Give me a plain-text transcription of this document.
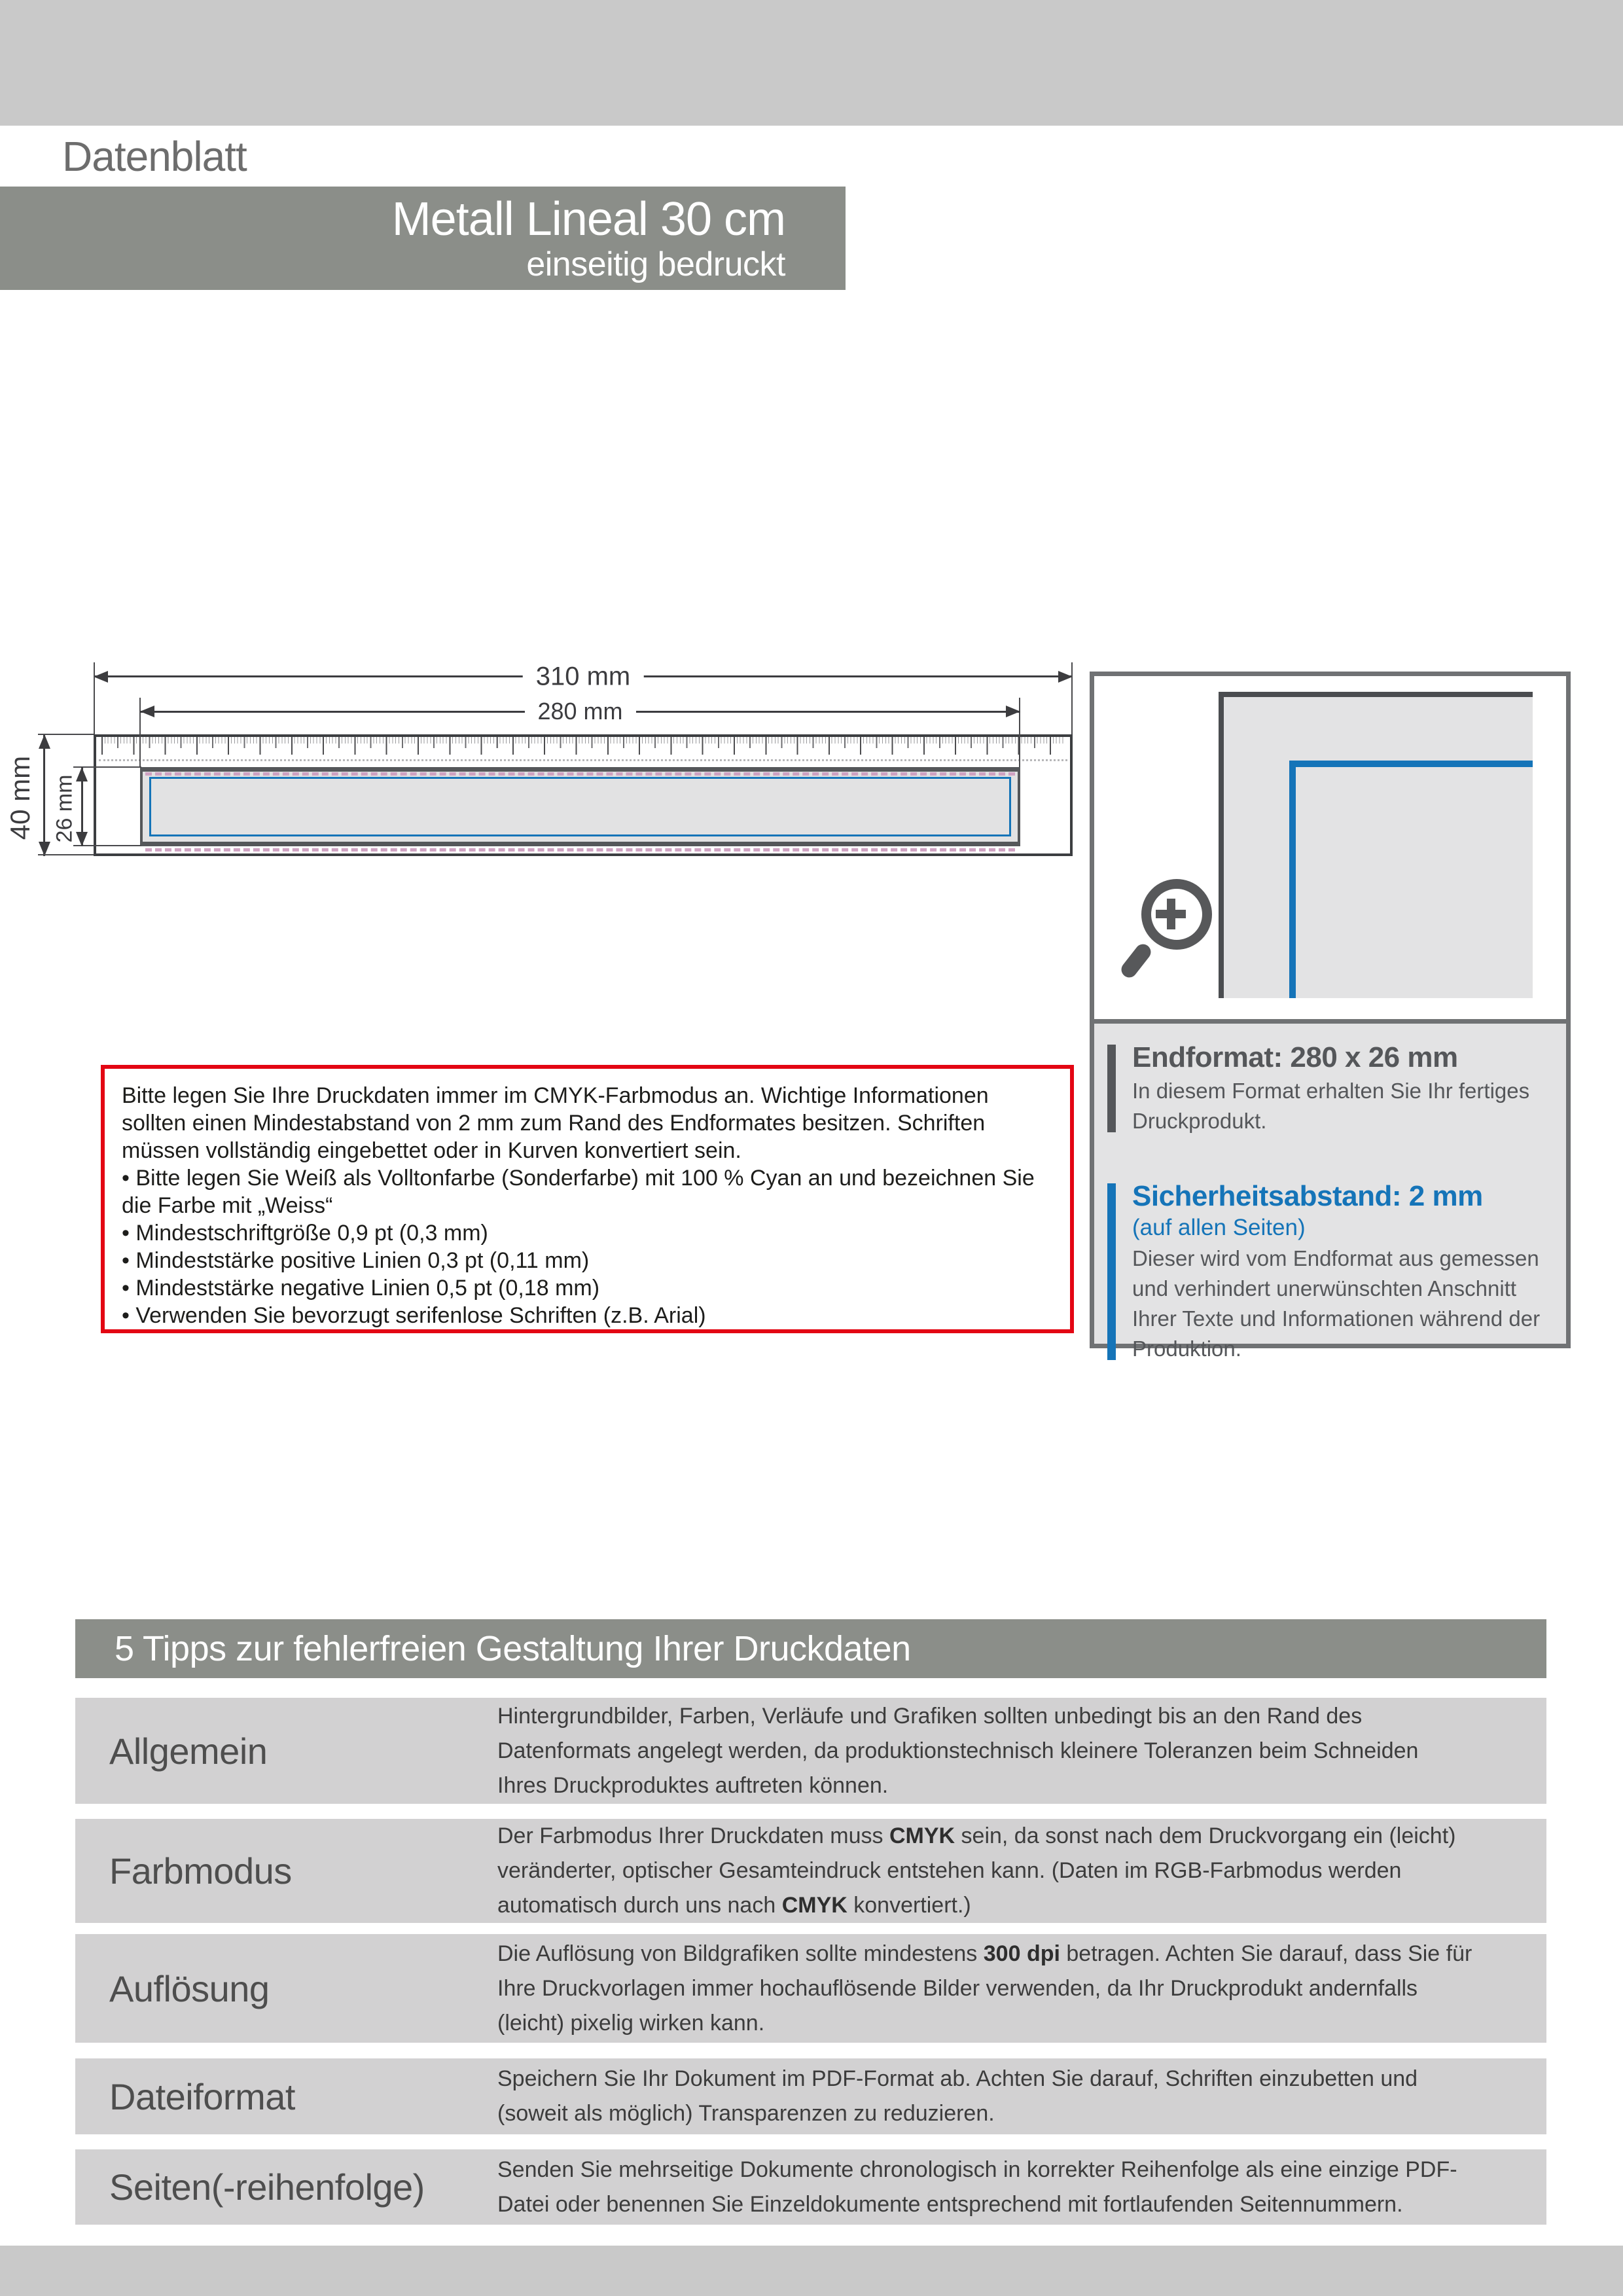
Datenblatt
Metall Lineal 30 cm
einseitig bedruckt
310 mm
280 mm
40 mm 26 mm
Bitte legen Sie Ihre Druckdaten immer im CMYK-Farbmodus an. Wichtige Informationen sollten einen Mindestabstand von 2 mm zum Rand des Endformates besitzen. Schriften müssen vollständig eingebettet oder in Kurven konvertiert sein.
• Bitte legen Sie Weiß als Volltonfarbe (Sonderfarbe) mit 100 % Cyan an und bezeichnen Sie die Farbe mit „Weiss“
• Mindestschriftgröße 0,9 pt (0,3 mm)
• Mindeststärke positive Linien 0,3 pt (0,11 mm)
• Mindeststärke negative Linien 0,5 pt (0,18 mm)
• Verwenden Sie bevorzugt serifenlose Schriften (z.B. Arial)
Endformat: 280 x 26 mm

In diesem Format erhalten Sie Ihr fertiges Druckprodukt.

Sicherheitsabstand: 2 mm
(auf allen Seiten)

Dieser wird vom Endformat aus gemessen und verhindert unerwünschten Anschnitt Ihrer Texte und Informationen während der Produktion.

5 Tipps zur fehlerfreien Gestaltung Ihrer Druckdaten
Allgemein
Hintergrundbilder, Farben, Verläufe und Grafiken sollten unbedingt bis an den Rand des Datenformats angelegt werden, da produktionstechnisch kleinere Toleranzen beim Schneiden Ihres Druckproduktes auftreten können.
Farbmodus
Der Farbmodus Ihrer Druckdaten muss CMYK sein, da sonst nach dem Druckvorgang ein (leicht) veränderter, optischer Gesamteindruck entstehen kann. (Daten im RGB-Farbmodus werden automatisch durch uns nach CMYK konvertiert.)
Auflösung
Die Auflösung von Bildgrafiken sollte mindestens 300 dpi betragen. Achten Sie darauf, dass Sie für Ihre Druckvorlagen immer hochauflösende Bilder verwenden, da Ihr Druckprodukt andernfalls (leicht) pixelig wirken kann.
Dateiformat	Speichern Sie Ihr Dokument im PDF-Format ab. Achten Sie darauf, Schriften einzubetten und (soweit als möglich) Transparenzen zu reduzieren.
Seiten(-reihenfolge)	Senden Sie mehrseitige Dokumente chronologisch in korrekter Reihenfolge als eine einzige PDF-Datei oder benennen Sie Einzeldokumente entsprechend mit fortlaufenden Seitennummern.
